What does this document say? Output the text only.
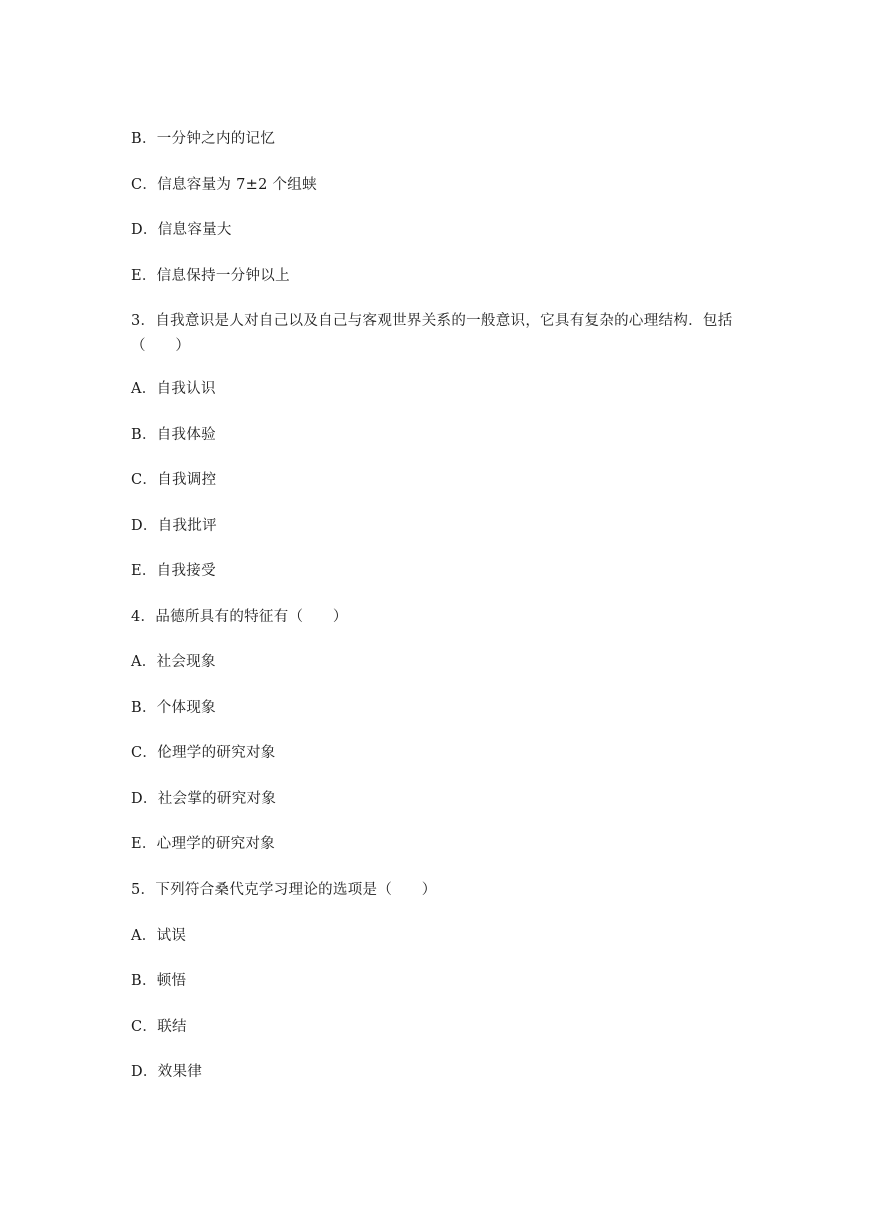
B．一分钟之内的记忆
C．信息容量为 7±2 个组蛱
D．信息容量大
E．信息保持一分钟以上
3．自我意识是人对自己以及自己与客观世界关系的一般意识，它具有复杂的心理结构．包括（　　）
A．自我认识
B．自我体验
C．自我调控
D．自我批评
E．自我接受
4．品德所具有的特征有（　　）
A．社会现象
B．个体现象
C．伦理学的研究对象
D．社会掌的研究对象
E．心理学的研究对象
5．下列符合桑代克学习理论的选项是（　　）
A．试误
B．顿悟
C．联结
D．效果律
